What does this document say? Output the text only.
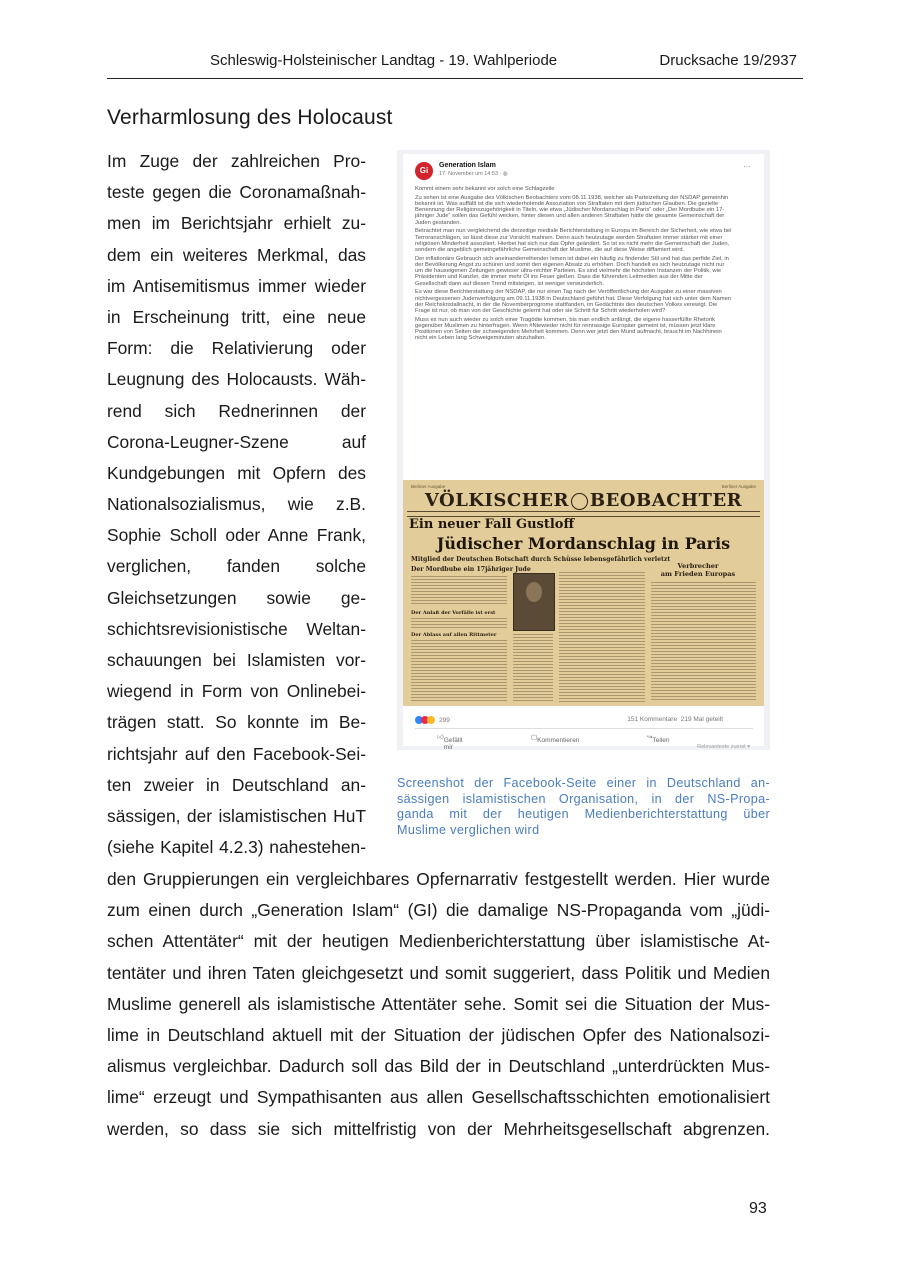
Schleswig-Holsteinischer Landtag - 19. Wahlperiode	Drucksache 19/2937
Verharmlosung des Holocaust
Im Zuge der zahlreichen Pro-
teste gegen die Coronamaßnah-
men im Berichtsjahr erhielt zu-
dem ein weiteres Merkmal, das
im Antisemitismus immer wieder
in Erscheinung tritt, eine neue
Form: die Relativierung oder
Leugnung des Holocausts. Wäh-
rend sich Rednerinnen der
Corona-Leugner-Szene auf
Kundgebungen mit Opfern des
Nationalsozialismus, wie z.B.
Sophie Scholl oder Anne Frank,
verglichen, fanden solche
Gleichsetzungen sowie ge-
schichtsrevisionistische Weltan-
schauungen bei Islamisten vor-
wiegend in Form von Onlinebei-
trägen statt. So konnte im Be-
richtsjahr auf den Facebook-Sei-
ten zweier in Deutschland an-
sässigen, der islamistischen HuT
(siehe Kapitel 4.2.3) nahestehen-
Gi
Generation Islam
17. November um 14:53 · ◍
···

Kommt einem sehr bekannt vor solch eine Schlagzeile

Zu sehen ist eine Ausgabe des Völkischen Beobachters vom 08.11.1938, welcher als Parteizeitung der NSDAP gemeinhin bekannt ist. Was auffällt ist die sich wiederholende Assoziation von Straftaten mit dem jüdischen Glauben. Die gezielte Benennung der Religionszugehörigkeit in Titeln, wie etwa „Jüdischer Mordanschlag in Paris“ oder „Der Mordbube ein 17-jähriger Jude“ sollen das Gefühl wecken, hinter diesen und allen anderen Straftaten hätte die gesamte Gemeinschaft der Juden gestanden.

Betrachtet man nun vergleichend die derzeitige mediale Berichterstattung in Europa im Bereich der Sicherheit, wie etwa bei Terroranschlägen, so lässt diese zur Vorsicht mahnen. Denn auch heutzutage werden Straftaten immer stärker mit einer religiösen Minderheit assoziiert. Hierbei hat sich nur das Opfer geändert. So ist es nicht mehr die Gemeinschaft der Juden, sondern die angeblich gemeingefährliche Gemeinschaft der Muslime, die auf diese Weise diffamiert wird.

Der inflationäre Gebrauch sich aneinanderreihender Ismen ist dabei ein häufig zu findender Stil und hat das perfide Ziel, in der Bevölkerung Angst zu schüren und somit den eigenen Absatz zu erhöhen. Doch handelt es sich heutzutage nicht nur um die hauseigenen Zeitungen gewisser ultra-rechter Parteien. Es sind vielmehr die höchsten Instanzen der Politik, wie Präsidenten und Kanzler, die immer mehr Öl ins Feuer gießen. Dass die führenden Leitmedien aus der Mitte der Gesellschaft dann auf diesen Trend mitsteigen, ist weniger verwunderlich.

Es war diese Berichterstattung der NSDAP, die nur einen Tag nach der Veröffentlichung der Ausgabe zu einer massiven nichtvergessenen Judenverfolgung am 09.11.1938 in Deutschland geführt hat. Diese Verfolgung hat sich unter dem Namen der Reichskristallnacht, in der die Novemberprogrome stattfanden, im Gedächtnis des deutschen Volkes verewigt. Die Frage ist nur, ob man von der Geschichte gelernt hat oder sie Schritt für Schritt wiederholen wird?

Muss es nun auch wieder zu solch einer Tragödie kommen, bis man endlich anfängt, die eigene hasserfüllte Rhetorik gegenüber Muslimen zu hinterfragen. Wenn #Niewieder nicht für reinrassige Europäer gemeint ist, müssen jetzt klare Positionen von Seiten der schweigenden Mehrheit kommen. Denn wer jetzt den Mund aufmacht, braucht im Nachhinein nicht ein Leben lang Schweigeminuten abzuhalten.

Berliner Ausgabe	Berliner Ausgabe
VÖLKISCHER BEOBACHTER
Ein neuer Fall Gustloff
Jüdischer Mordanschlag in Paris
Mitglied der Deutschen Botschaft durch Schüsse lebensgefährlich verletzt
Der Mordbube ein 17jähriger Jude	Verbrecher
am Frieden Europas
Der Anlaß der Vorfälle ist erst
Der Ablass auf allen Rittmeter
299	151 Kommentare 219 Mal geteilt
👍︎ Gefällt mir
▢ Kommentieren	↪ Teilen
Relevanteste zuerst ▾
Screenshot der Facebook-Seite einer in Deutschland an-
sässigen islamistischen Organisation, in der NS-Propa-
ganda mit der heutigen Medienberichterstattung über
Muslime verglichen wird
den Gruppierungen ein vergleichbares Opfernarrativ festgestellt werden. Hier wurde
zum einen durch „Generation Islam“ (GI) die damalige NS-Propaganda vom „jüdi-
schen Attentäter“ mit der heutigen Medienberichterstattung über islamistische At-
tentäter und ihren Taten gleichgesetzt und somit suggeriert, dass Politik und Medien
Muslime generell als islamistische Attentäter sehe. Somit sei die Situation der Mus-
lime in Deutschland aktuell mit der Situation der jüdischen Opfer des Nationalsozi-
alismus vergleichbar. Dadurch soll das Bild der in Deutschland „unterdrückten Mus-
lime“ erzeugt und Sympathisanten aus allen Gesellschaftsschichten emotionalisiert
werden, so dass sie sich mittelfristig von der Mehrheitsgesellschaft abgrenzen.
93
